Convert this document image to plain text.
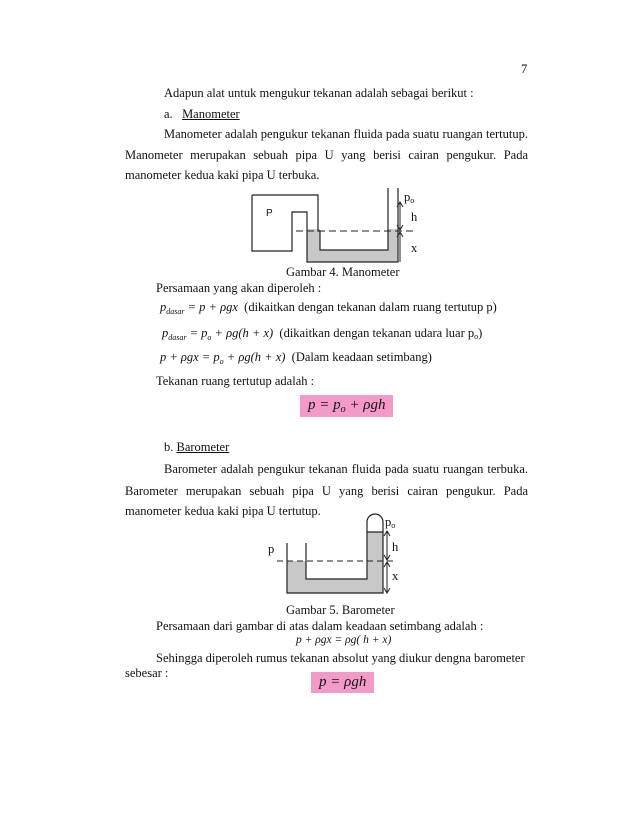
7
Adapun alat untuk mengukur tekanan adalah sebagai berikut :
a. Manometer
Manometer adalah pengukur tekanan fluida pada suatu ruangan tertutup.
Manometer merupakan sebuah pipa U yang berisi cairan pengukur. Pada
manometer kedua kaki pipa U terbuka.
P
po
h
x
Gambar 4. Manometer
Persamaan yang akan diperoleh :
$p_{dasar} = p + \rho gx$ (dikaitkan dengan tekanan dalam ruang tertutup p)
$p_{dasar} = p_o + \rho g(h + x)$ (dikaitkan dengan tekanan udara luar po)
$p + \rho gx = p_o + \rho g(h + x)$ (Dalam keadaan setimbang)
Tekanan ruang tertutup adalah :
$p = p_o + \rho gh$
b. Barometer
Barometer adalah pengukur tekanan fluida pada suatu ruangan terbuka.
Barometer merupakan sebuah pipa U yang berisi cairan pengukur. Pada
manometer kedua kaki pipa U tertutup.
p
po
h
x
Gambar 5. Barometer
Persamaan dari gambar di atas dalam keadaan setimbang adalah :
p + ρgx = ρg( h + x)
Sehingga diperoleh rumus tekanan absolut yang diukur dengna barometer
sebesar :
p = ρgh
